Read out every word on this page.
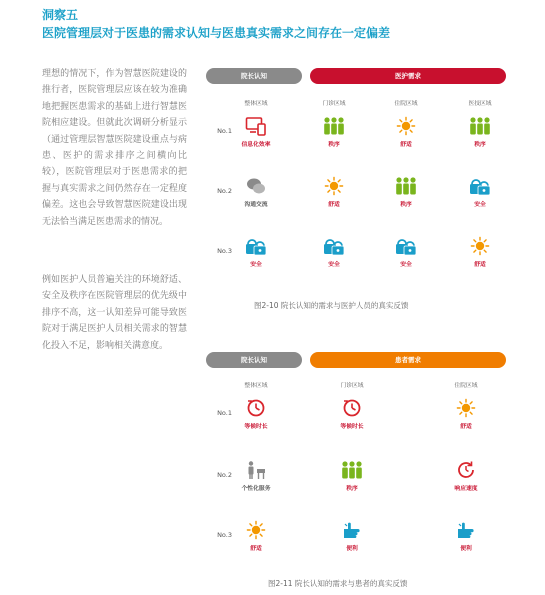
洞察五
医院管理层对于医患的需求认知与医患真实需求之间存在一定偏差
理想的情况下，作为智慧医院建设的推行者，医院管理层应该在较为准确地把握医患需求的基础上进行智慧医院相应建设。但就此次调研分析显示（通过管理层智慧医院建设重点与病患、医护的需求排序之间横向比较），医院管理层对于医患需求的把握与真实需求之间仍然存在一定程度偏差。这也会导致智慧医院建设出现无法恰当满足医患需求的情况。
例如医护人员普遍关注的环境舒适、安全及秩序在医院管理层的优先级中排序不高，这一认知差异可能导致医院对于满足医护人员相关需求的智慧化投入不足，影响相关满意度。
院长认知	医护需求
整体区域	门诊区域	住院区域	医技区域
No.1
信息化效率	秩序	舒适	秩序
No.2
沟通交流	舒适	秩序	安全
No.3
安全	安全	安全	舒适
图2-10 院长认知的需求与医护人员的真实反馈
院长认知	患者需求
整体区域	门诊区域	住院区域
No.1
等候时长	等候时长	舒适
No.2
个性化服务	秩序	响应速度
No.3
舒适	便利	便利
图2-11 院长认知的需求与患者的真实反馈
